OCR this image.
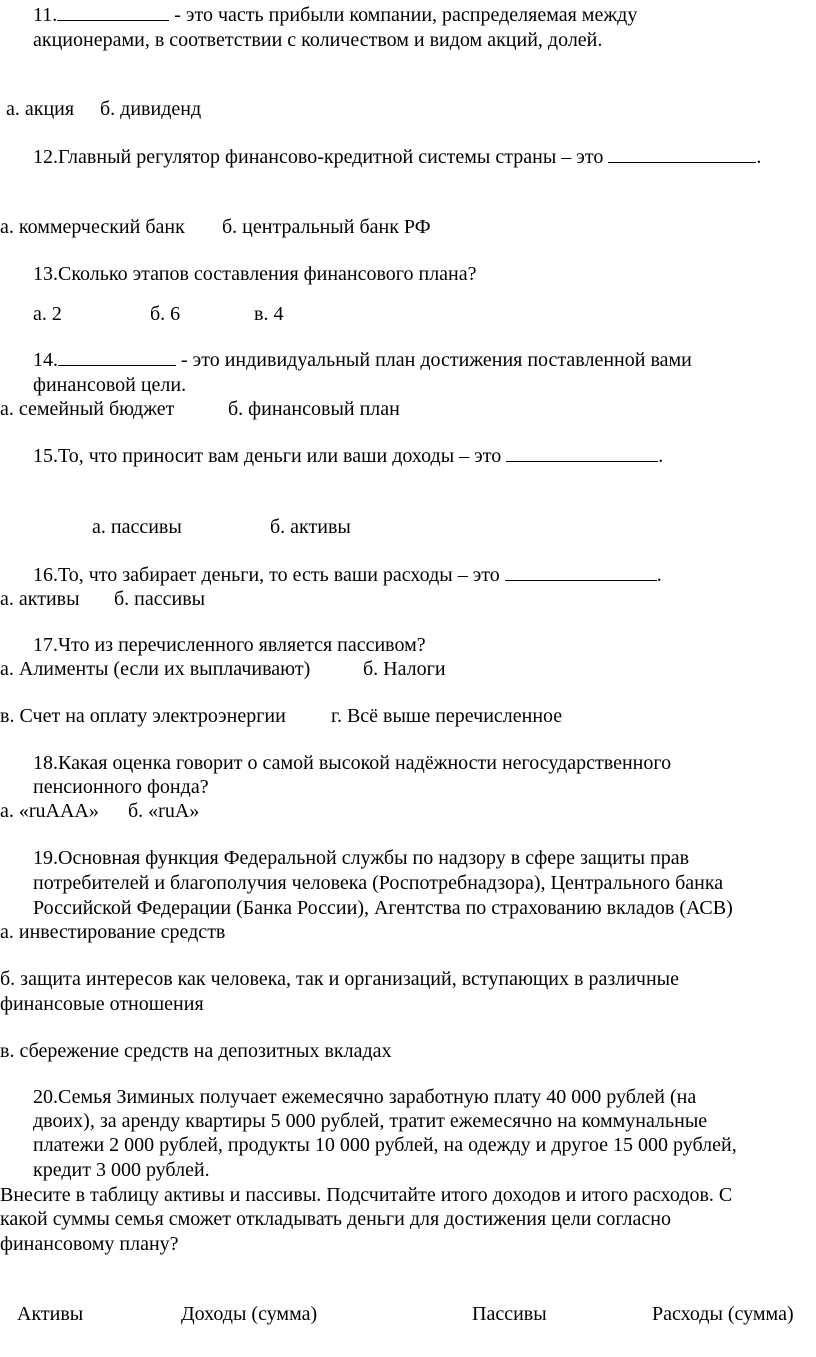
11.	- это часть прибыли компании, распределяемая между
акционерами, в соответствии с количеством и видом акций, долей.
а. акция б. дивиденд
12.Главный регулятор финансово-кредитной системы страны – это	.
а. коммерческий банк б. центральный банк РФ
13.Сколько этапов составления финансового плана?
а. 2	б. 6	в. 4
14.	- это индивидуальный план достижения поставленной вами
финансовой цели.
а. семейный бюджет	б. финансовый план
15.То, что приносит вам деньги или ваши доходы – это	.
а. пассивы	б. активы
16.То, что забирает деньги, то есть ваши расходы – это	.
а. активы б. пассивы
17.Что из перечисленного является пассивом?
а. Алименты (если их выплачивают)	б. Налоги
в. Счет на оплату электроэнергии г. Всё выше перечисленное
18.Какая оценка говорит о самой высокой надёжности негосударственного
пенсионного фонда?
а. «ruAAA» б. «ruA»
19.Основная функция Федеральной службы по надзору в сфере защиты прав
потребителей и благополучия человека (Роспотребнадзора), Центрального банка
Российской Федерации (Банка России), Агентства по страхованию вкладов (АСВ)
а. инвестирование средств
б. защита интересов как человека, так и организаций, вступающих в различные
финансовые отношения
в. сбережение средств на депозитных вкладах
20.Семья Зиминых получает ежемесячно заработную плату 40 000 рублей (на
двоих), за аренду квартиры 5 000 рублей, тратит ежемесячно на коммунальные
платежи 2 000 рублей, продукты 10 000 рублей, на одежду и другое 15 000 рублей,
кредит 3 000 рублей.
Внесите в таблицу активы и пассивы. Подсчитайте итого доходов и итого расходов. С
какой суммы семья сможет откладывать деньги для достижения цели согласно
финансовому плану?
Активы	Доходы (сумма)	Пассивы	Расходы (сумма)
